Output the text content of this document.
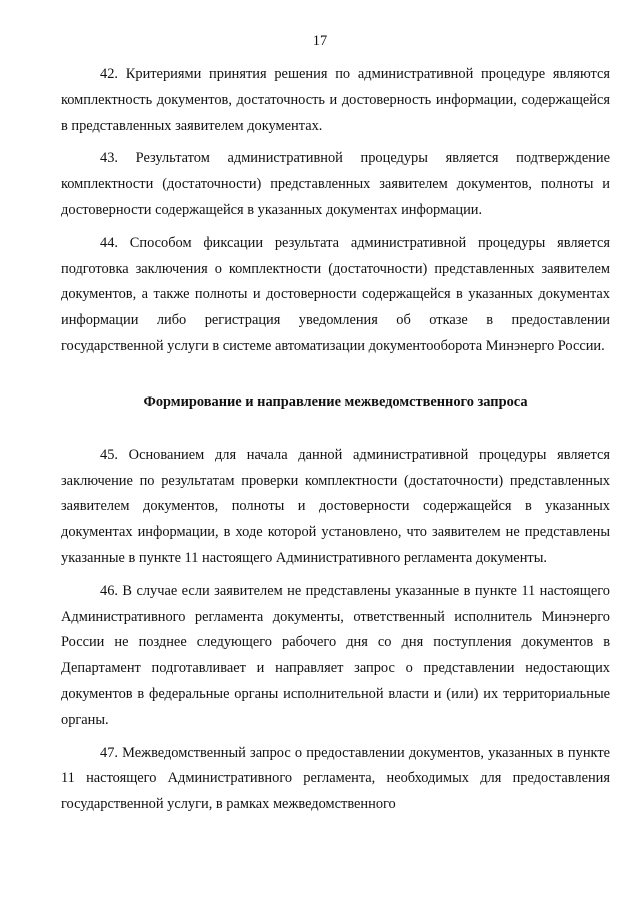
17

42. Критериями принятия решения по административной процедуре являются комплектность документов, достаточность и достоверность информации, содержащейся в представленных заявителем документах.

43. Результатом административной процедуры является подтверждение комплектности (достаточности) представленных заявителем документов, полноты и достоверности содержащейся в указанных документах информации.

44. Способом фиксации результата административной процедуры является подготовка заключения о комплектности (достаточности) представленных заявителем документов, а также полноты и достоверности содержащейся в указанных документах информации либо регистрация уведомления об отказе в предоставлении государственной услуги в системе автоматизации документооборота Минэнерго России.

Формирование и направление межведомственного запроса

45. Основанием для начала данной административной процедуры является заключение по результатам проверки комплектности (достаточности) представленных заявителем документов, полноты и достоверности содержащейся в указанных документах информации, в ходе которой установлено, что заявителем не представлены указанные в пункте 11 настоящего Административного регламента документы.

46. В случае если заявителем не представлены указанные в пункте 11 настоящего Административного регламента документы, ответственный исполнитель Минэнерго России не позднее следующего рабочего дня со дня поступления документов в Департамент подготавливает и направляет запрос о представлении недостающих документов в федеральные органы исполнительной власти и (или) их территориальные органы.

47. Межведомственный запрос о предоставлении документов, указанных в пункте 11 настоящего Административного регламента, необходимых для предоставления государственной услуги, в рамках межведомственного
